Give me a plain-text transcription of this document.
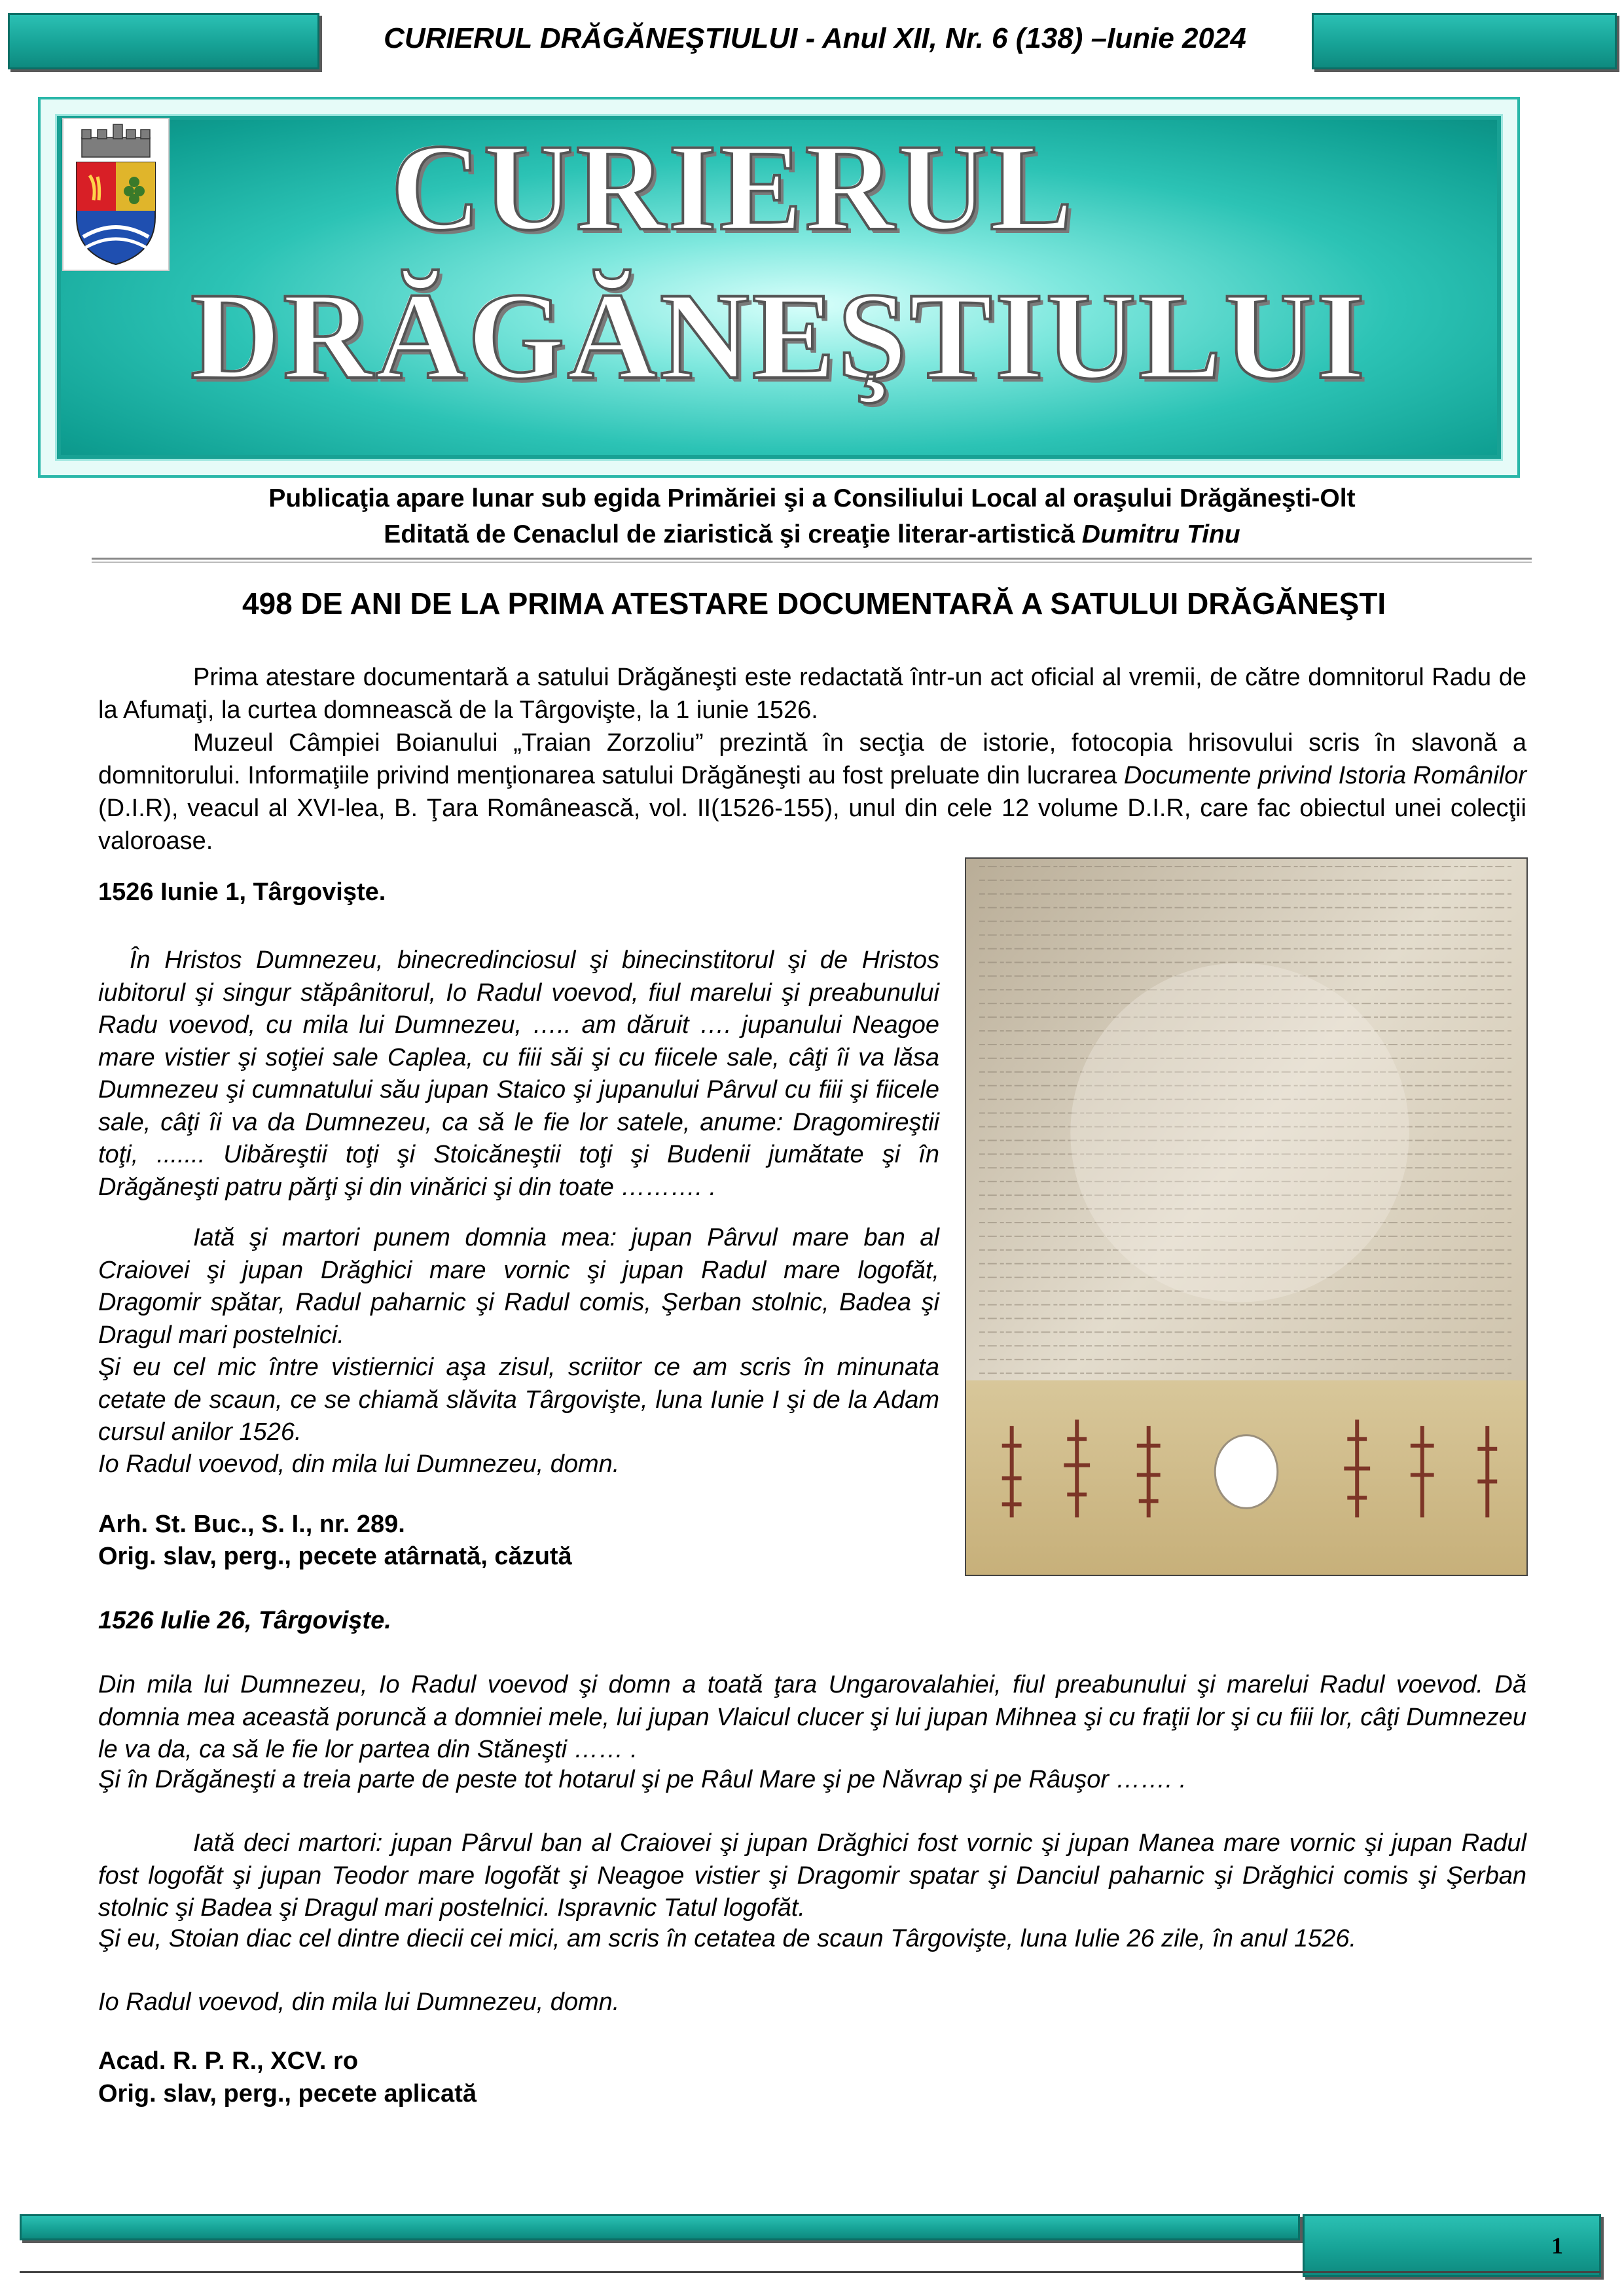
CURIERUL DRĂGĂNEŞTIULUI - Anul XII, Nr. 6 (138) –Iunie 2024
CURIERUL
DRĂGĂNEŞTIULUI
Publicaţia apare lunar sub egida Primăriei şi a Consiliului Local al oraşului Drăgăneşti-Olt
Editată de Cenaclul de ziaristică şi creaţie literar-artistică Dumitru Tinu
498 DE ANI DE LA PRIMA ATESTARE DOCUMENTARĂ A SATULUI DRĂGĂNEŞTI
Prima atestare documentară a satului Drăgăneşti este redactată într-un act oficial al vremii, de către domnitorul Radu de la Afumaţi, la curtea domnească de la Târgovişte, la 1 iunie 1526.
Muzeul Câmpiei Boianului „Traian Zorzoliu” prezintă în secţia de istorie, fotocopia hrisovului scris în slavonă a domnitorului. Informaţiile privind menţionarea satului Drăgăneşti au fost preluate din lucrarea Documente privind Istoria Românilor (D.I.R), veacul al XVI-lea, B. Ţara Românească, vol. II(1526-155), unul din cele 12 volume D.I.R, care fac obiectul unei colecţii valoroase.
1526 Iunie 1, Târgovişte.
În Hristos Dumnezeu, binecredinciosul şi binecinstitorul şi de Hristos iubitorul şi singur stăpânitorul, Io Radul voevod, fiul marelui şi preabunului Radu voevod, cu mila lui Dumnezeu, ….. am dăruit …. jupanului Neagoe mare vistier şi soţiei sale Caplea, cu fiii săi şi cu fiicele sale, câţi îi va lăsa Dumnezeu şi cumnatului său jupan Staico şi jupanului Pârvul cu fiii şi fiicele sale, câţi îi va da Dumnezeu, ca să le fie lor satele, anume: Dragomireştii toţi, ....... Uibăreştii toţi şi Stoicăneştii toţi şi Budenii jumătate şi în Drăgăneşti patru părţi şi din vinărici şi din toate ………. .
Iată şi martori punem domnia mea: jupan Pârvul mare ban al Craiovei şi jupan Drăghici mare vornic şi jupan Radul mare logofăt, Dragomir spătar, Radul paharnic şi Radul comis, Şerban stolnic, Badea şi Dragul mari postelnici.
Şi eu cel mic între vistiernici aşa zisul, scriitor ce am scris în minunata cetate de scaun, ce se chiamă slăvita Târgovişte, luna Iunie I şi de la Adam cursul anilor 1526.
Io Radul voevod, din mila lui Dumnezeu, domn.
Arh. St. Buc., S. I., nr. 289.
Orig. slav, perg., pecete atârnată, căzută
1526 Iulie 26, Târgovişte.
Din mila lui Dumnezeu, Io Radul voevod şi domn a toată ţara Ungarovalahiei, fiul preabunului şi marelui Radul voevod. Dă domnia mea această poruncă a domniei mele, lui jupan Vlaicul clucer şi lui jupan Mihnea şi cu fraţii lor şi cu fiii lor, câţi Dumnezeu le va da, ca să le fie lor partea din Stăneşti …… .
Şi în Drăgăneşti a treia parte de peste tot hotarul şi pe Râul Mare şi pe Năvrap şi pe Râuşor ……. .
Iată deci martori: jupan Pârvul ban al Craiovei şi jupan Drăghici fost vornic şi jupan Manea mare vornic şi jupan Radul fost logofăt şi jupan Teodor mare logofăt şi Neagoe vistier şi Dragomir spatar şi Danciul paharnic şi Drăghici comis şi Şerban stolnic şi Badea şi Dragul mari postelnici. Ispravnic Tatul logofăt.
Şi eu, Stoian diac cel dintre diecii cei mici, am scris în cetatea de scaun Târgovişte, luna Iulie 26 zile, în anul 1526.
Io Radul voevod, din mila lui Dumnezeu, domn.
Acad. R. P. R., XCV. ro
Orig. slav, perg., pecete aplicată
1
